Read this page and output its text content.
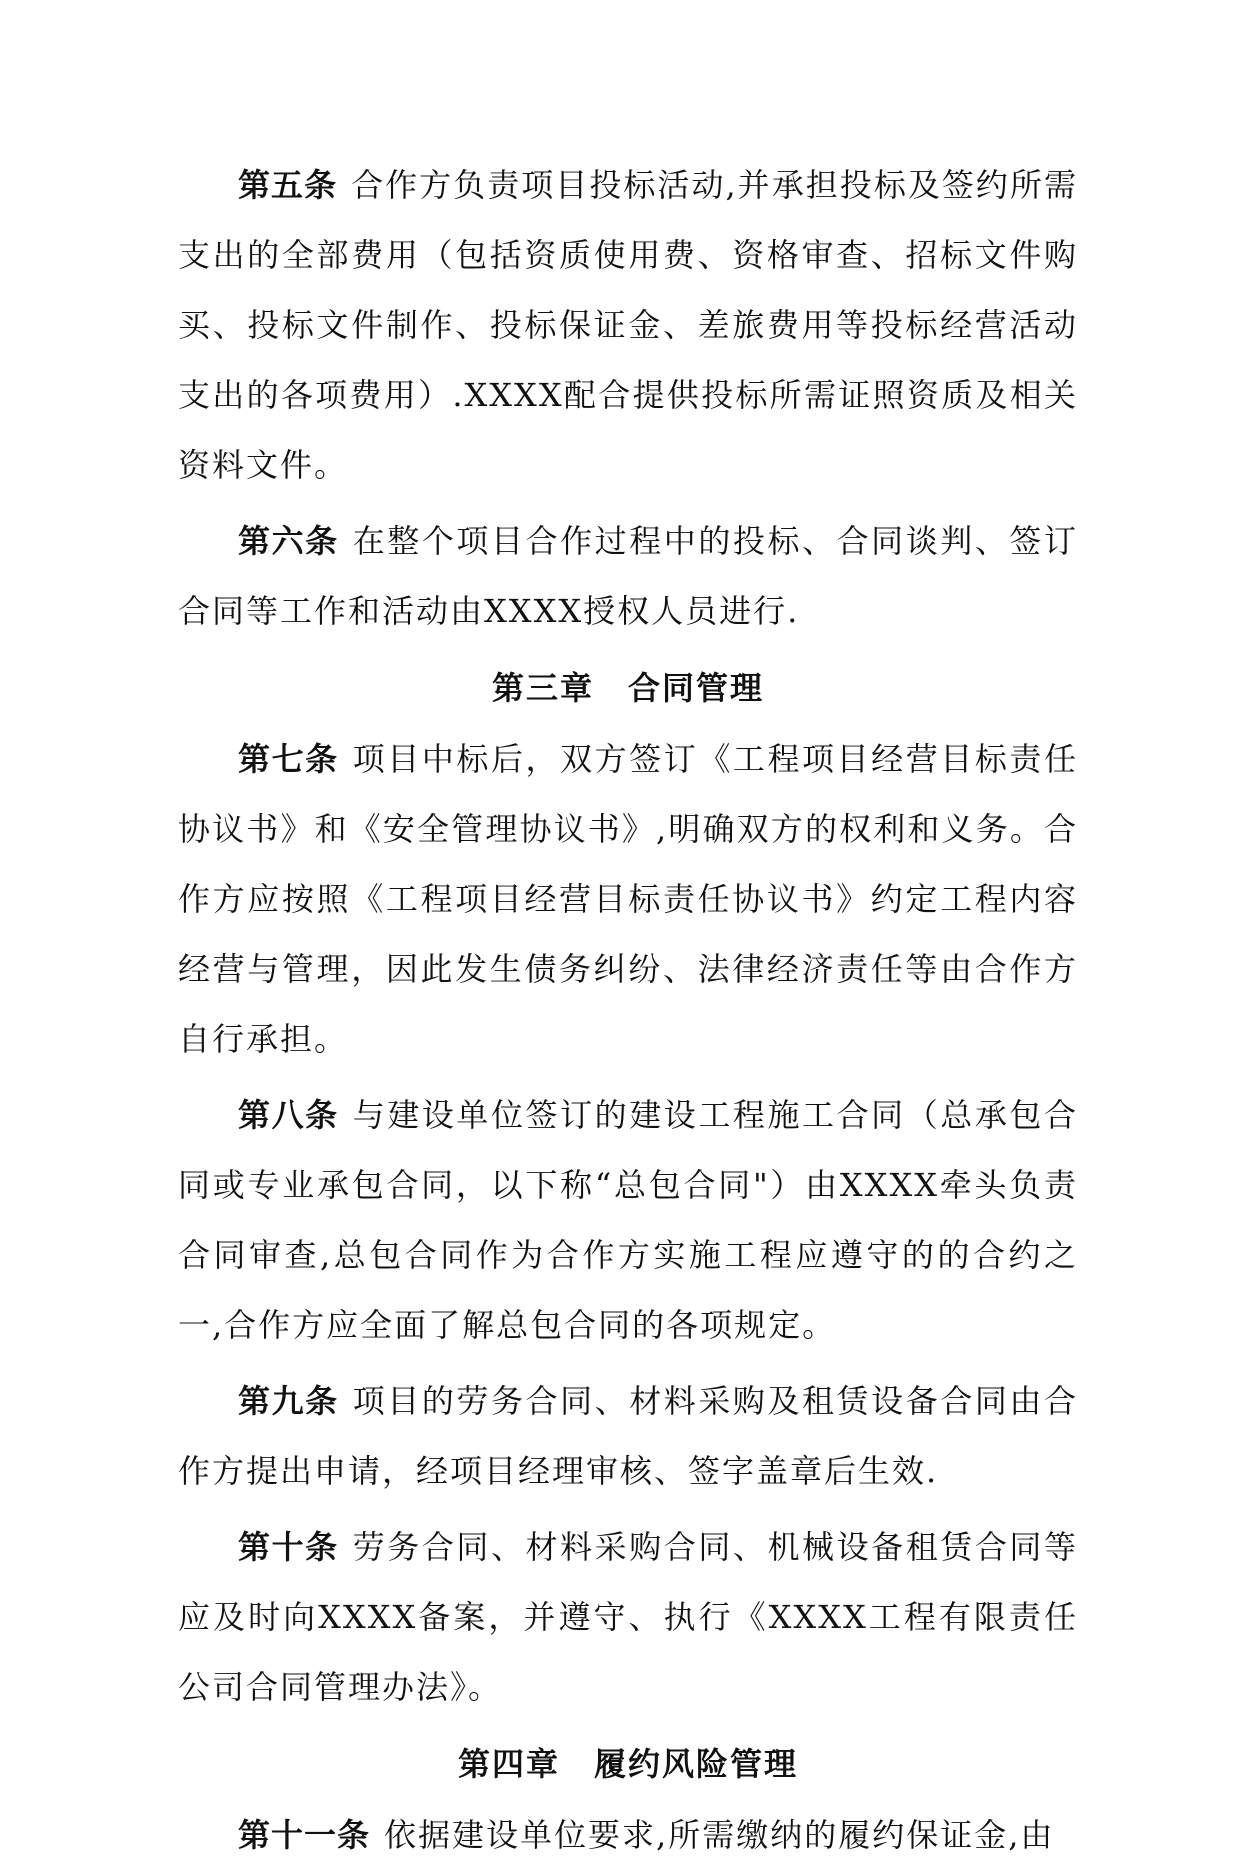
第五条 合作方负责项目投标活动,并承担投标及签约所需支出的全部费用（包括资质使用费、资格审查、招标文件购买、投标文件制作、投标保证金、差旅费用等投标经营活动支出的各项费用）.XXXX配合提供投标所需证照资质及相关资料文件。

第六条 在整个项目合作过程中的投标、合同谈判、签订合同等工作和活动由XXXX授权人员进行.

第三章 合同管理

第七条 项目中标后，双方签订《工程项目经营目标责任协议书》和《安全管理协议书》,明确双方的权利和义务。合作方应按照《工程项目经营目标责任协议书》约定工程内容经营与管理，因此发生债务纠纷、法律经济责任等由合作方自行承担。

第八条 与建设单位签订的建设工程施工合同（总承包合同或专业承包合同，以下称“总包合同"）由XXXX牵头负责合同审查,总包合同作为合作方实施工程应遵守的的合约之一,合作方应全面了解总包合同的各项规定。

第九条 项目的劳务合同、材料采购及租赁设备合同由合作方提出申请，经项目经理审核、签字盖章后生效.

第十条 劳务合同、材料采购合同、机械设备租赁合同等应及时向XXXX备案，并遵守、执行《XXXX工程有限责任公司合同管理办法》。

第四章 履约风险管理

第十一条 依据建设单位要求,所需缴纳的履约保证金,由
